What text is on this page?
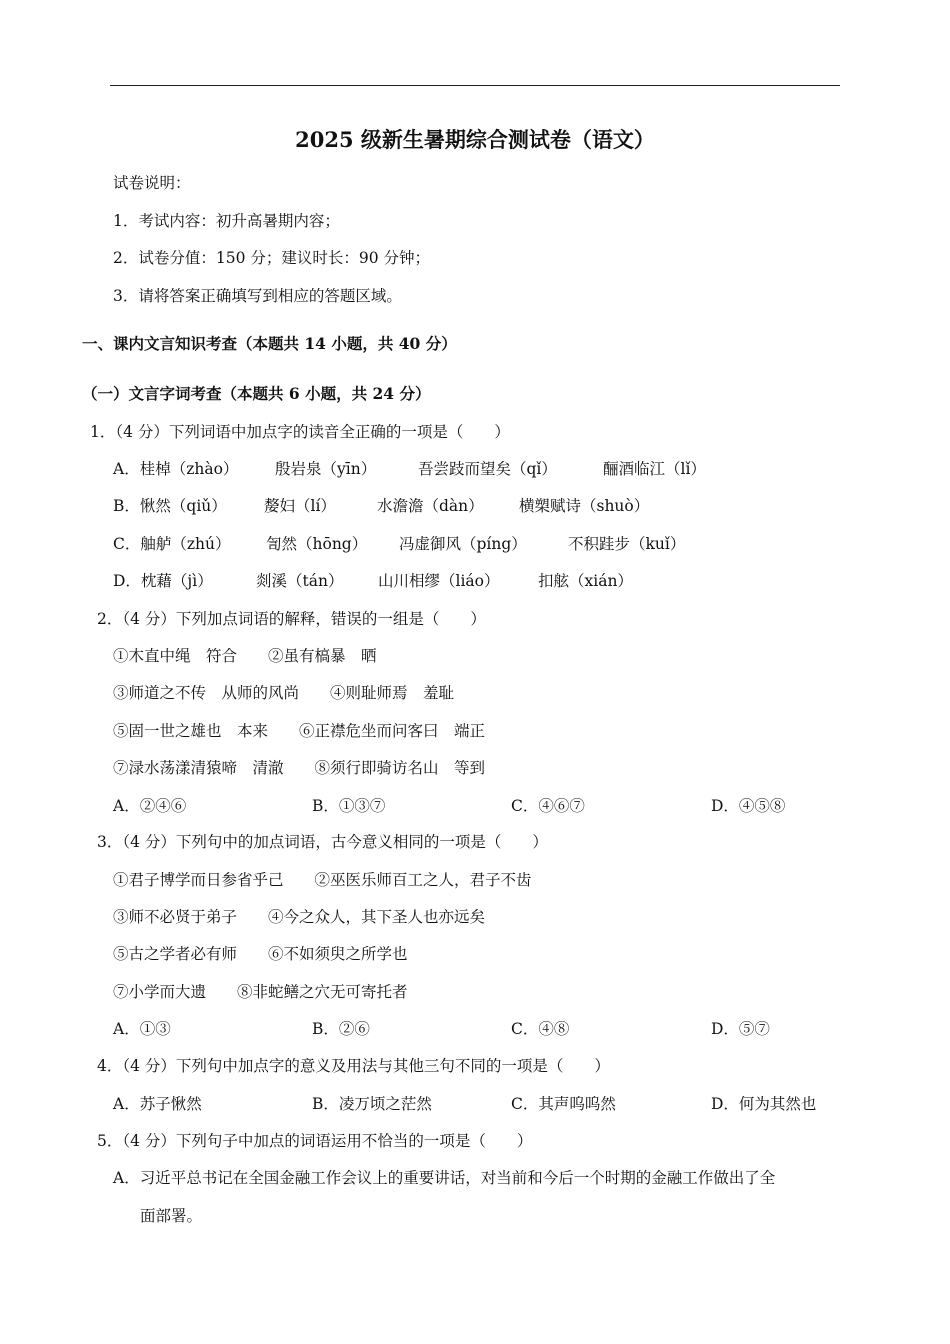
2025 级新生暑期综合测试卷（语文）
试卷说明：
1．考试内容：初升高暑期内容；
2．试卷分值：150 分；建议时长：90 分钟；
3．请将答案正确填写到相应的答题区域。
一、课内文言知识考查（本题共 14 小题，共 40 分）
（一）文言字词考查（本题共 6 小题，共 24 分）
1．（4 分）下列词语中加点字的读音全正确的一项是（　　）
A．桂棹（zhào） 殷岩泉（yīn）	吾尝跂而望矣（qǐ）	酾酒临江（lǐ）
B．愀然（qiǔ） 嫠妇（lí）	水澹澹（dàn） 横槊赋诗（shuò）
C．舳舻（zhú） 訇然（hōng） 冯虚御风（píng）	不积跬步（kuǐ）
D．枕藉（jì）	剡溪（tán） 山川相缪（liáo） 扣舷（xián）
2．（4 分）下列加点词语的解释，错误的一组是（　　）
①木直中绳　符合　　②虽有槁暴　晒
③师道之不传　从师的风尚　　④则耻师焉　羞耻
⑤固一世之雄也　本来　　⑥正襟危坐而问客曰　端正
⑦渌水荡漾清猿啼　清澈　　⑧须行即骑访名山　等到
A．②④⑥	B．①③⑦	C．④⑥⑦	D．④⑤⑧
3．（4 分）下列句中的加点词语，古今意义相同的一项是（　　）
①君子博学而日参省乎己　　②巫医乐师百工之人，君子不齿
③师不必贤于弟子　　④今之众人，其下圣人也亦远矣
⑤古之学者必有师　　⑥不如须臾之所学也
⑦小学而大遗　　⑧非蛇鳝之穴无可寄托者
A．①③	B．②⑥	C．④⑧	D．⑤⑦
4．（4 分）下列句中加点字的意义及用法与其他三句不同的一项是（　　）
A．苏子愀然	B．凌万顷之茫然	C．其声呜呜然	D．何为其然也
5．（4 分）下列句子中加点的词语运用不恰当的一项是（　　）
A．习近平总书记在全国金融工作会议上的重要讲话，对当前和今后一个时期的金融工作做出了全
面部署。
